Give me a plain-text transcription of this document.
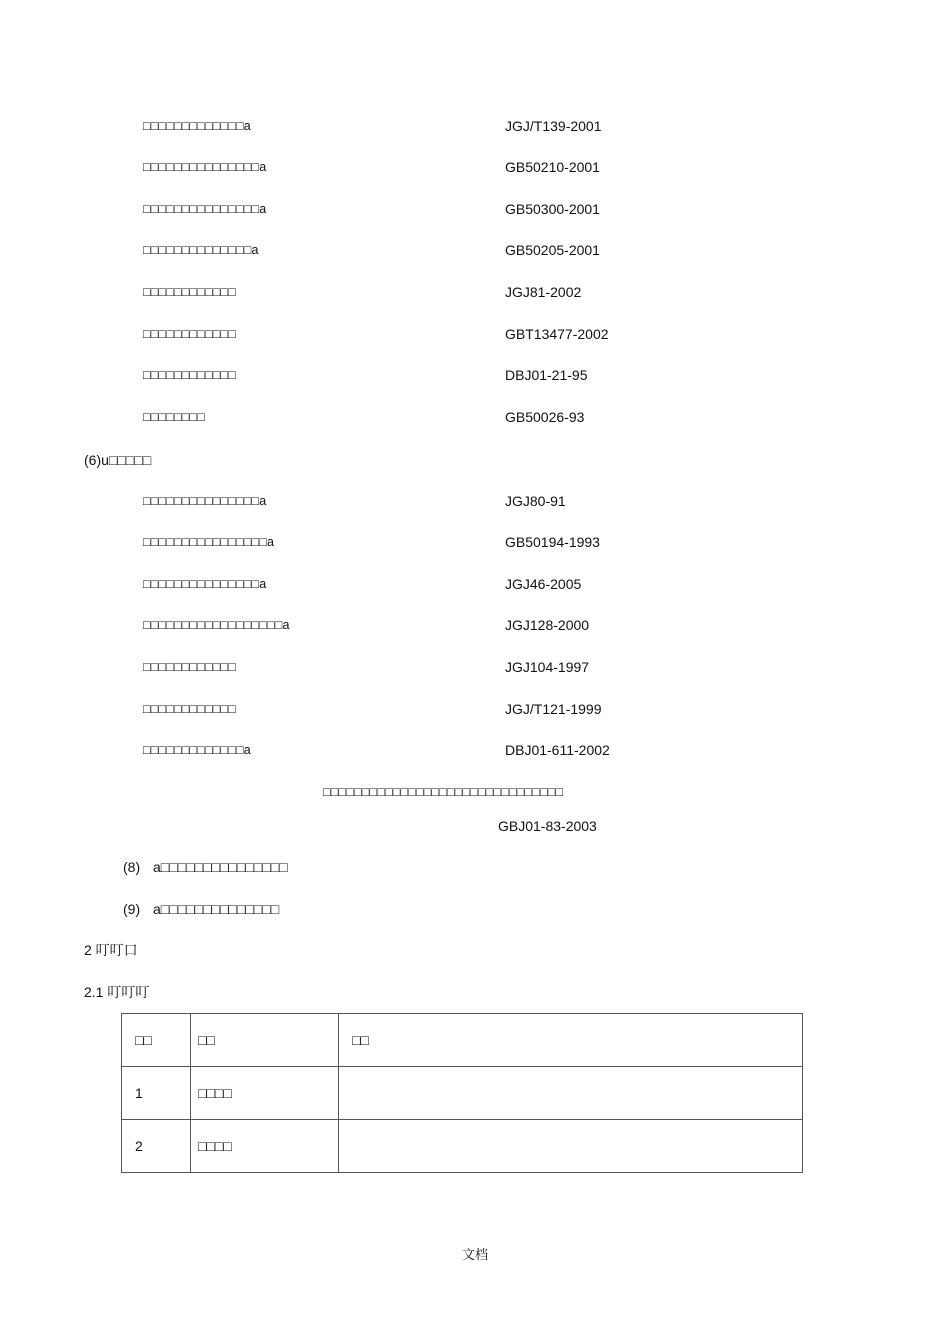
□□□□□□□□□□□□□a	JGJ/T139-2001
□□□□□□□□□□□□□□□a	GB50210-2001
□□□□□□□□□□□□□□□a	GB50300-2001
□□□□□□□□□□□□□□a	GB50205-2001
□□□□□□□□□□□□	JGJ81-2002
□□□□□□□□□□□□	GBT13477-2002
□□□□□□□□□□□□	DBJ01-21-95
□□□□□□□□	GB50026-93
(6)u□□□□□
□□□□□□□□□□□□□□□a	JGJ80-91
□□□□□□□□□□□□□□□□a	GB50194-1993
□□□□□□□□□□□□□□□a	JGJ46-2005
□□□□□□□□□□□□□□□□□□a	JGJ128-2000
□□□□□□□□□□□□	JGJ104-1997
□□□□□□□□□□□□	JGJ/T121-1999
□□□□□□□□□□□□□a	DBJ01-611-2002
□□□□□□□□□□□□□□□□□□□□□□□□□□□□□□□
GBJ01-83-2003
(8) a□□□□□□□□□□□□□□□
(9) a□□□□□□□□□□□□□□
2 叮叮口
2.1 叮叮叮
□□	□□	□□
1	□□□□	
2	□□□□	
文档
